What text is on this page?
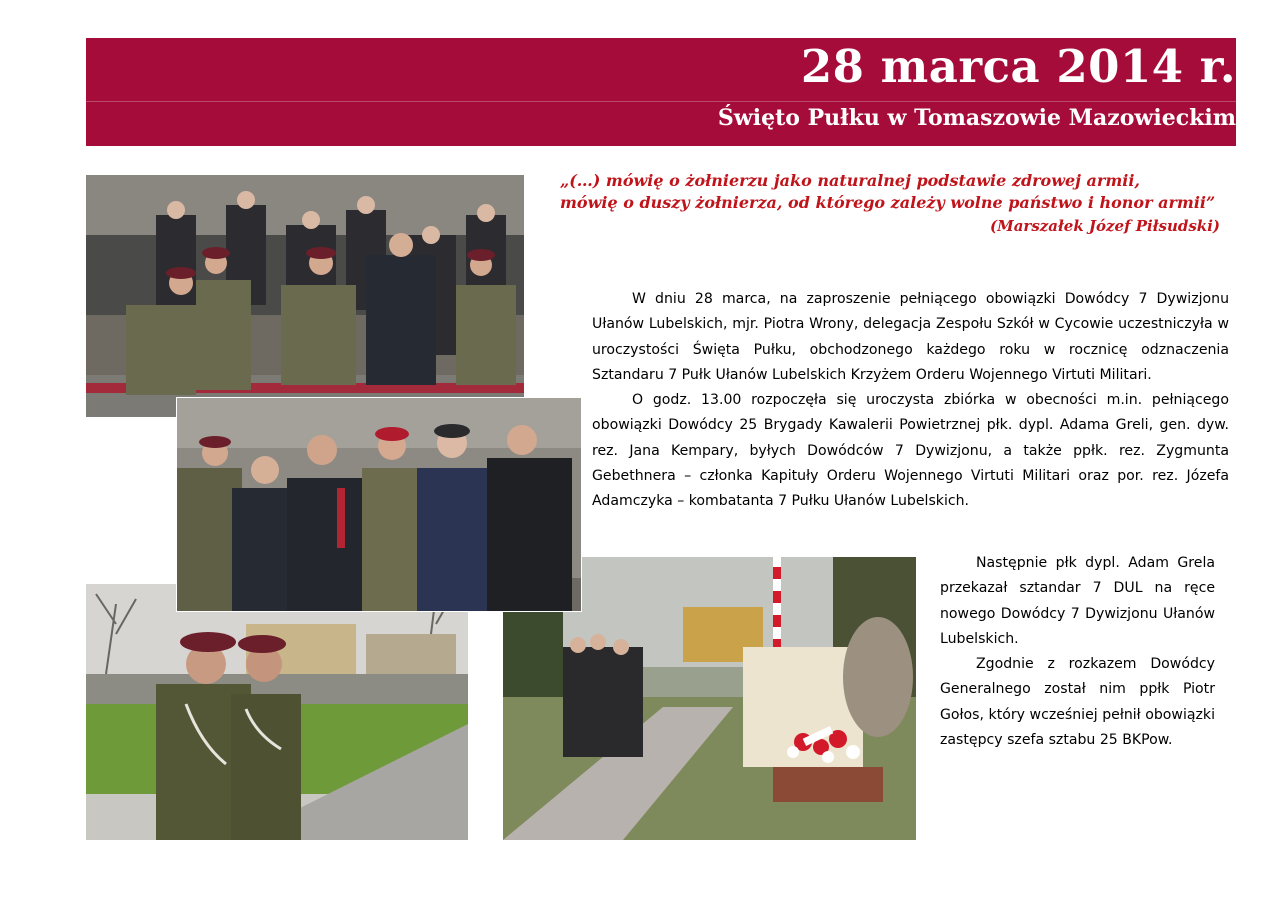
28 marca 2014 r.
Święto Pułku w Tomaszowie Mazowieckim
„(…) mówię o żołnierzu jako naturalnej podstawie zdrowej armii,
mówię o duszy żołnierza, od którego zależy wolne państwo i honor armii”
(Marszałek Józef Piłsudski)

W dniu 28 marca, na zaproszenie pełniącego obowiązki Dowódcy 7 Dywizjonu Ułanów Lubelskich, mjr. Piotra Wrony, delegacja Zespołu Szkół w Cycowie uczestniczyła w uroczystości Święta Pułku, obchodzonego każdego roku w rocznicę odznaczenia Sztandaru 7 Pułk Ułanów Lubelskich Krzyżem Orderu Wojennego Virtuti Militari.

O godz. 13.00 rozpoczęła się uroczysta zbiórka w obecności m.in. pełniącego obowiązki Dowódcy 25 Brygady Kawalerii Powietrznej płk. dypl. Adama Greli, gen. dyw. rez. Jana Kempary, byłych Dowódców 7 Dywizjonu, a także ppłk. rez. Zygmunta Gebethnera – członka Kapituły Orderu Wojennego Virtuti Militari oraz por. rez. Józefa Adamczyka – kombatanta 7 Pułku Ułanów Lubelskich.

Następnie płk dypl. Adam Grela przekazał sztandar 7 DUL na ręce nowego Dowódcy 7 Dywizjonu Ułanów Lubelskich.

Zgodnie z rozkazem Dowódcy Generalnego został nim ppłk Piotr Gołos, który wcześniej pełnił obowiązki zastępcy szefa sztabu 25 BKPow.
